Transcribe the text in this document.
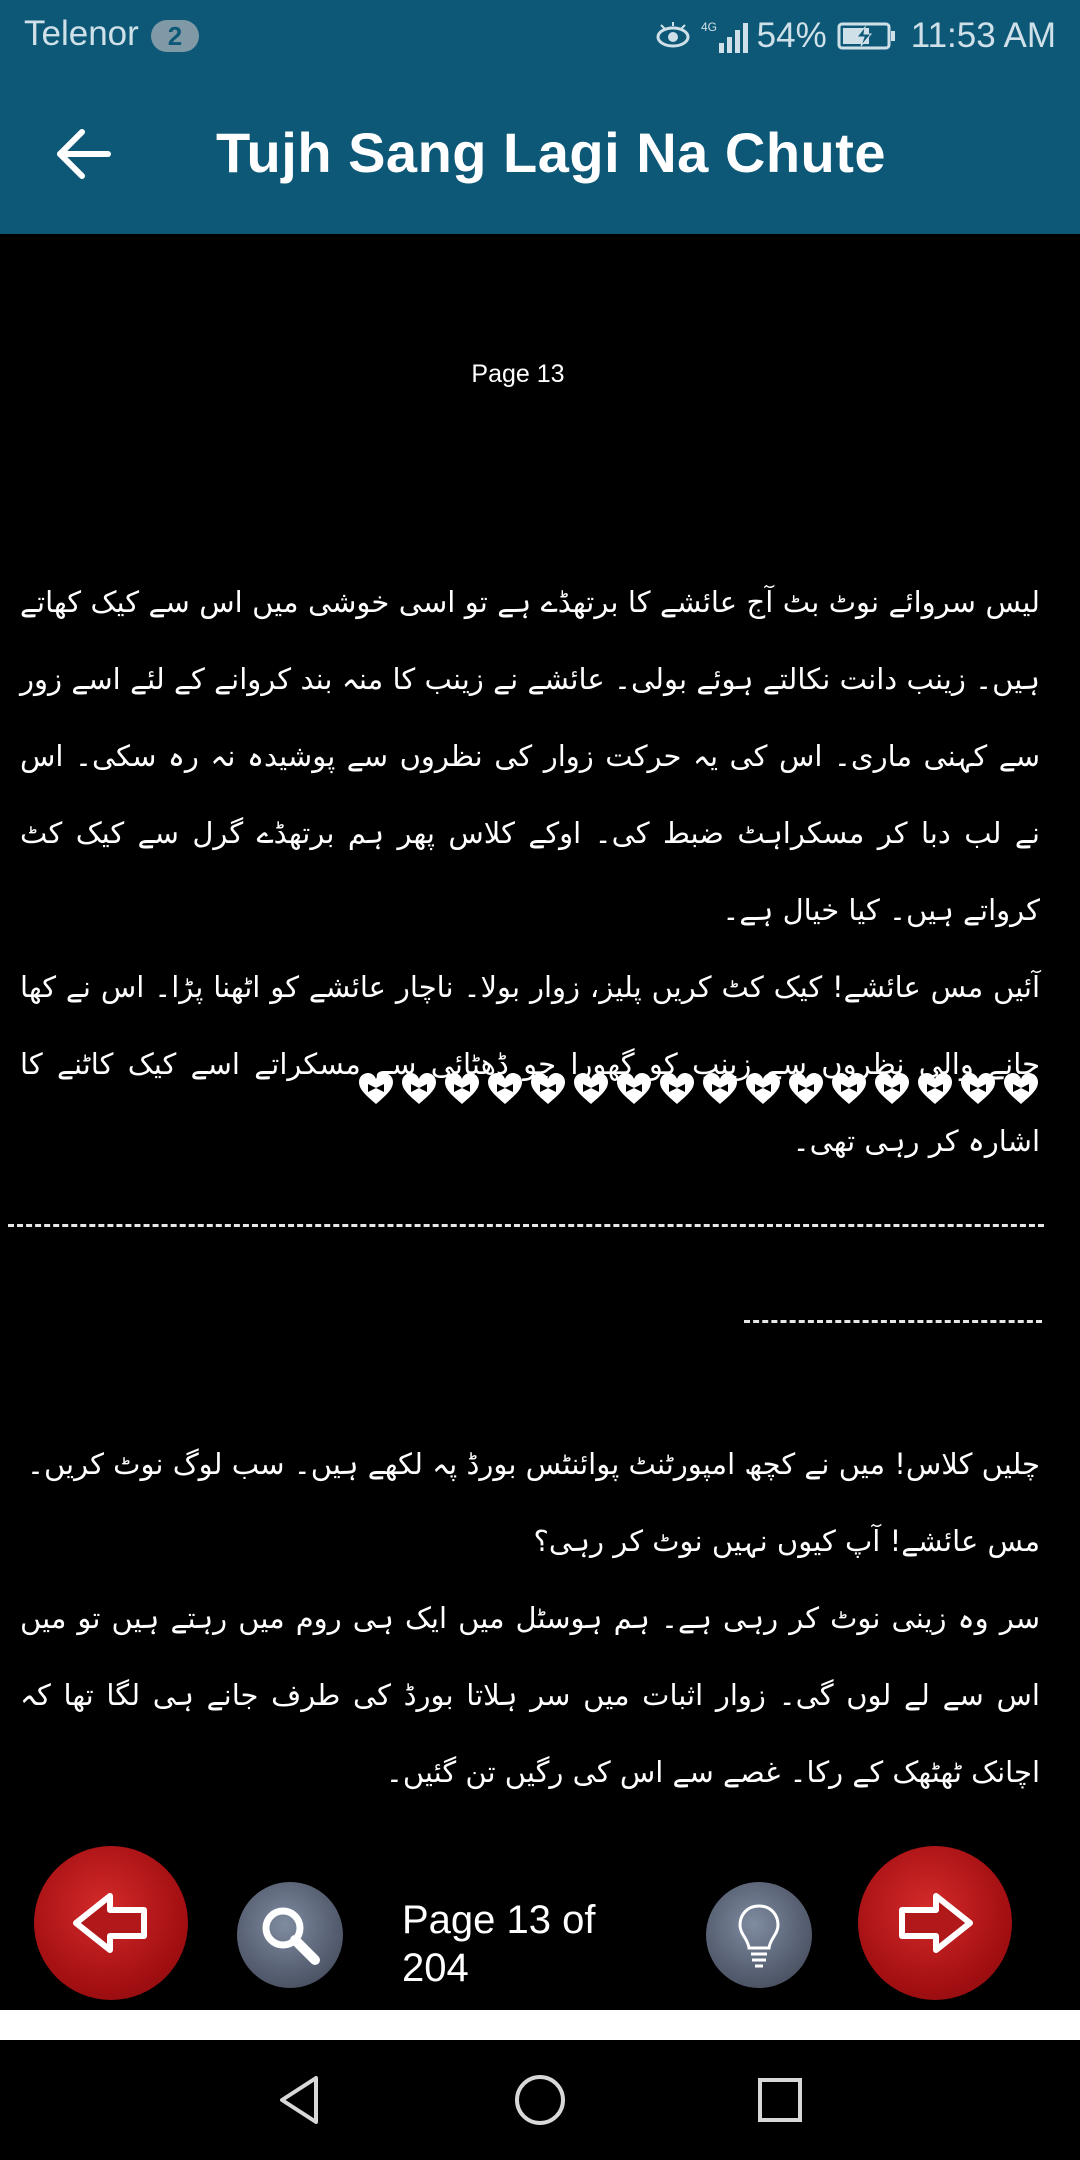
Telenor	2	4G 54% 11:53 AM
Tujh Sang Lagi Na Chute
Page 13

لیس سروائے نوٹ بٹ آج عائشے کا برتھڈے ہے تو اسی خوشی میں اس سے کیک کھاتے ہیں۔ زینب دانت نکالتے ہوئے بولی۔ عائشے نے زینب کا منہ بند کروانے کے لئے اسے زور سے کہنی ماری۔ اس کی یہ حرکت زوار کی نظروں سے پوشیدہ نہ رہ سکی۔ اس نے لب دبا کر مسکراہٹ ضبط کی۔ اوکے کلاس پھر ہم برتھڈے گرل سے کیک کٹ کرواتے ہیں۔ کیا خیال ہے۔

آئیں مس عائشے! کیک کٹ کریں پلیز، زوار بولا۔ ناچار عائشے کو اٹھنا پڑا۔ اس نے کھا جانے والی نظروں سے زینب کو گھورا جو ڈھٹائی سے مسکراتے اسے کیک کاٹنے کا اشارہ کر رہی تھی۔

چلیں کلاس! میں نے کچھ امپورٹنٹ پوائنٹس بورڈ پہ لکھے ہیں۔ سب لوگ نوٹ کریں۔

مس عائشے! آپ کیوں نہیں نوٹ کر رہی؟

سر وہ زینی نوٹ کر رہی ہے۔ ہم ہوسٹل میں ایک ہی روم میں رہتے ہیں تو میں اس سے لے لوں گی۔ زوار اثبات میں سر ہلاتا بورڈ کی طرف جانے ہی لگا تھا کہ اچانک ٹھٹھک کے رکا۔ غصے سے اس کی رگیں تن گئیں۔

Page 13 of 204
